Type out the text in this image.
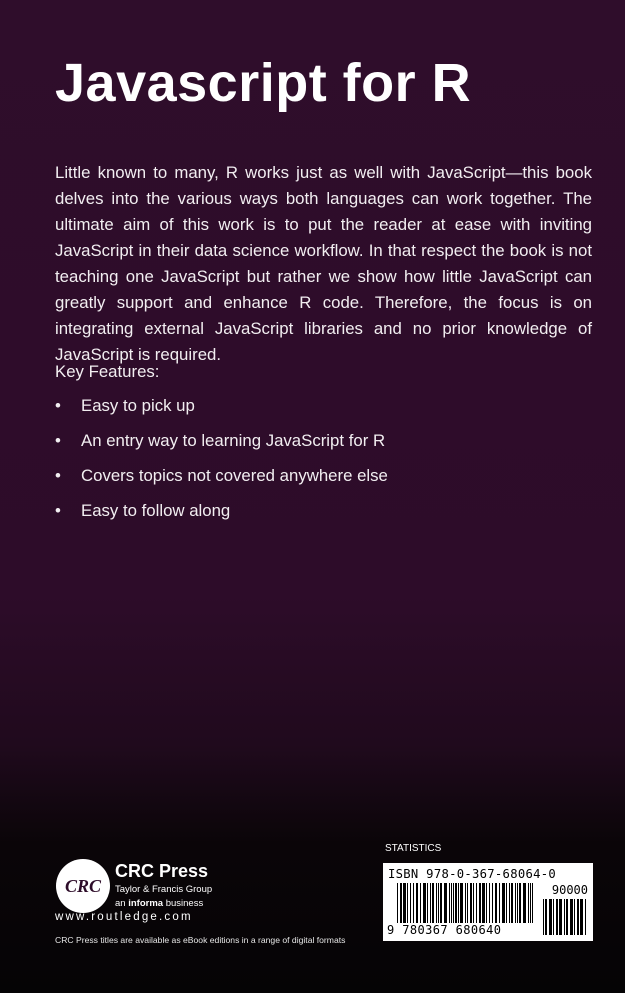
Javascript for R

Little known to many, R works just as well with JavaScript—this book delves into the various ways both languages can work together. The ultimate aim of this work is to put the reader at ease with inviting JavaScript in their data science workflow. In that respect the book is not teaching one JavaScript but rather we show how little JavaScript can greatly support and enhance R code. Therefore, the focus is on integrating external JavaScript libraries and no prior knowledge of JavaScript is required.

Key Features:

•	Easy to pick up
•	An entry way to learning JavaScript for R
•	Covers topics not covered anywhere else
•	Easy to follow along
CRC
CRC Press
Taylor & Francis Group
an informa business
www.routledge.com
CRC Press titles are available as eBook editions in a range of digital formats
STATISTICS
ISBN 978-0-367-68064-0
90000
9 780367 680640
